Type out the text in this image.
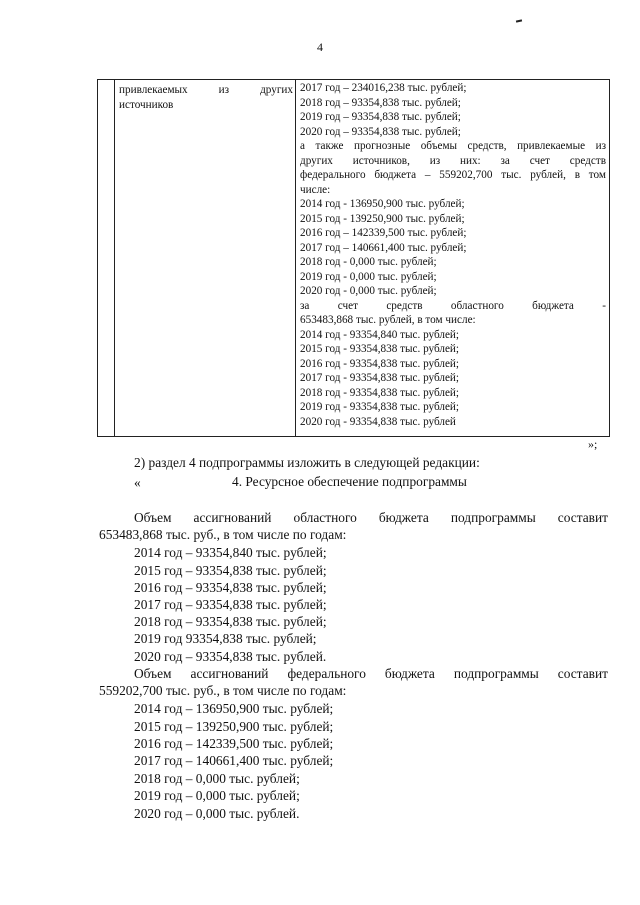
4
привлекаемых из других
источников
2017 год – 234016,238 тыс. рублей;
2018 год – 93354,838 тыс. рублей;
2019 год – 93354,838 тыс. рублей;
2020 год – 93354,838 тыс. рублей;
а также прогнозные объемы средств, привлекаемые из
других источников, из них: за счет средств
федерального бюджета – 559202,700 тыс. рублей, в том
числе:
2014 год - 136950,900 тыс. рублей;
2015 год - 139250,900 тыс. рублей;
2016 год – 142339,500 тыс. рублей;
2017 год – 140661,400 тыс. рублей;
2018 год - 0,000 тыс. рублей;
2019 год - 0,000 тыс. рублей;
2020 год - 0,000 тыс. рублей;
за счет средств областного бюджета -
653483,868 тыс. рублей, в том числе:
2014 год - 93354,840 тыс. рублей;
2015 год - 93354,838 тыс. рублей;
2016 год - 93354,838 тыс. рублей;
2017 год - 93354,838 тыс. рублей;
2018 год - 93354,838 тыс. рублей;
2019 год - 93354,838 тыс. рублей;
2020 год - 93354,838 тыс. рублей
»;
2) раздел 4 подпрограммы изложить в следующей редакции:
«	4. Ресурсное обеспечение подпрограммы
Объем ассигнований областного бюджета подпрограммы составит
653483,868 тыс. руб., в том числе по годам:
2014 год – 93354,840 тыс. рублей;
2015 год – 93354,838 тыс. рублей;
2016 год – 93354,838 тыс. рублей;
2017 год – 93354,838 тыс. рублей;
2018 год – 93354,838 тыс. рублей;
2019 год 93354,838 тыс. рублей;
2020 год – 93354,838 тыс. рублей.
Объем ассигнований федерального бюджета подпрограммы составит
559202,700 тыс. руб., в том числе по годам:
2014 год – 136950,900 тыс. рублей;
2015 год – 139250,900 тыс. рублей;
2016 год – 142339,500 тыс. рублей;
2017 год – 140661,400 тыс. рублей;
2018 год – 0,000 тыс. рублей;
2019 год – 0,000 тыс. рублей;
2020 год – 0,000 тыс. рублей.
